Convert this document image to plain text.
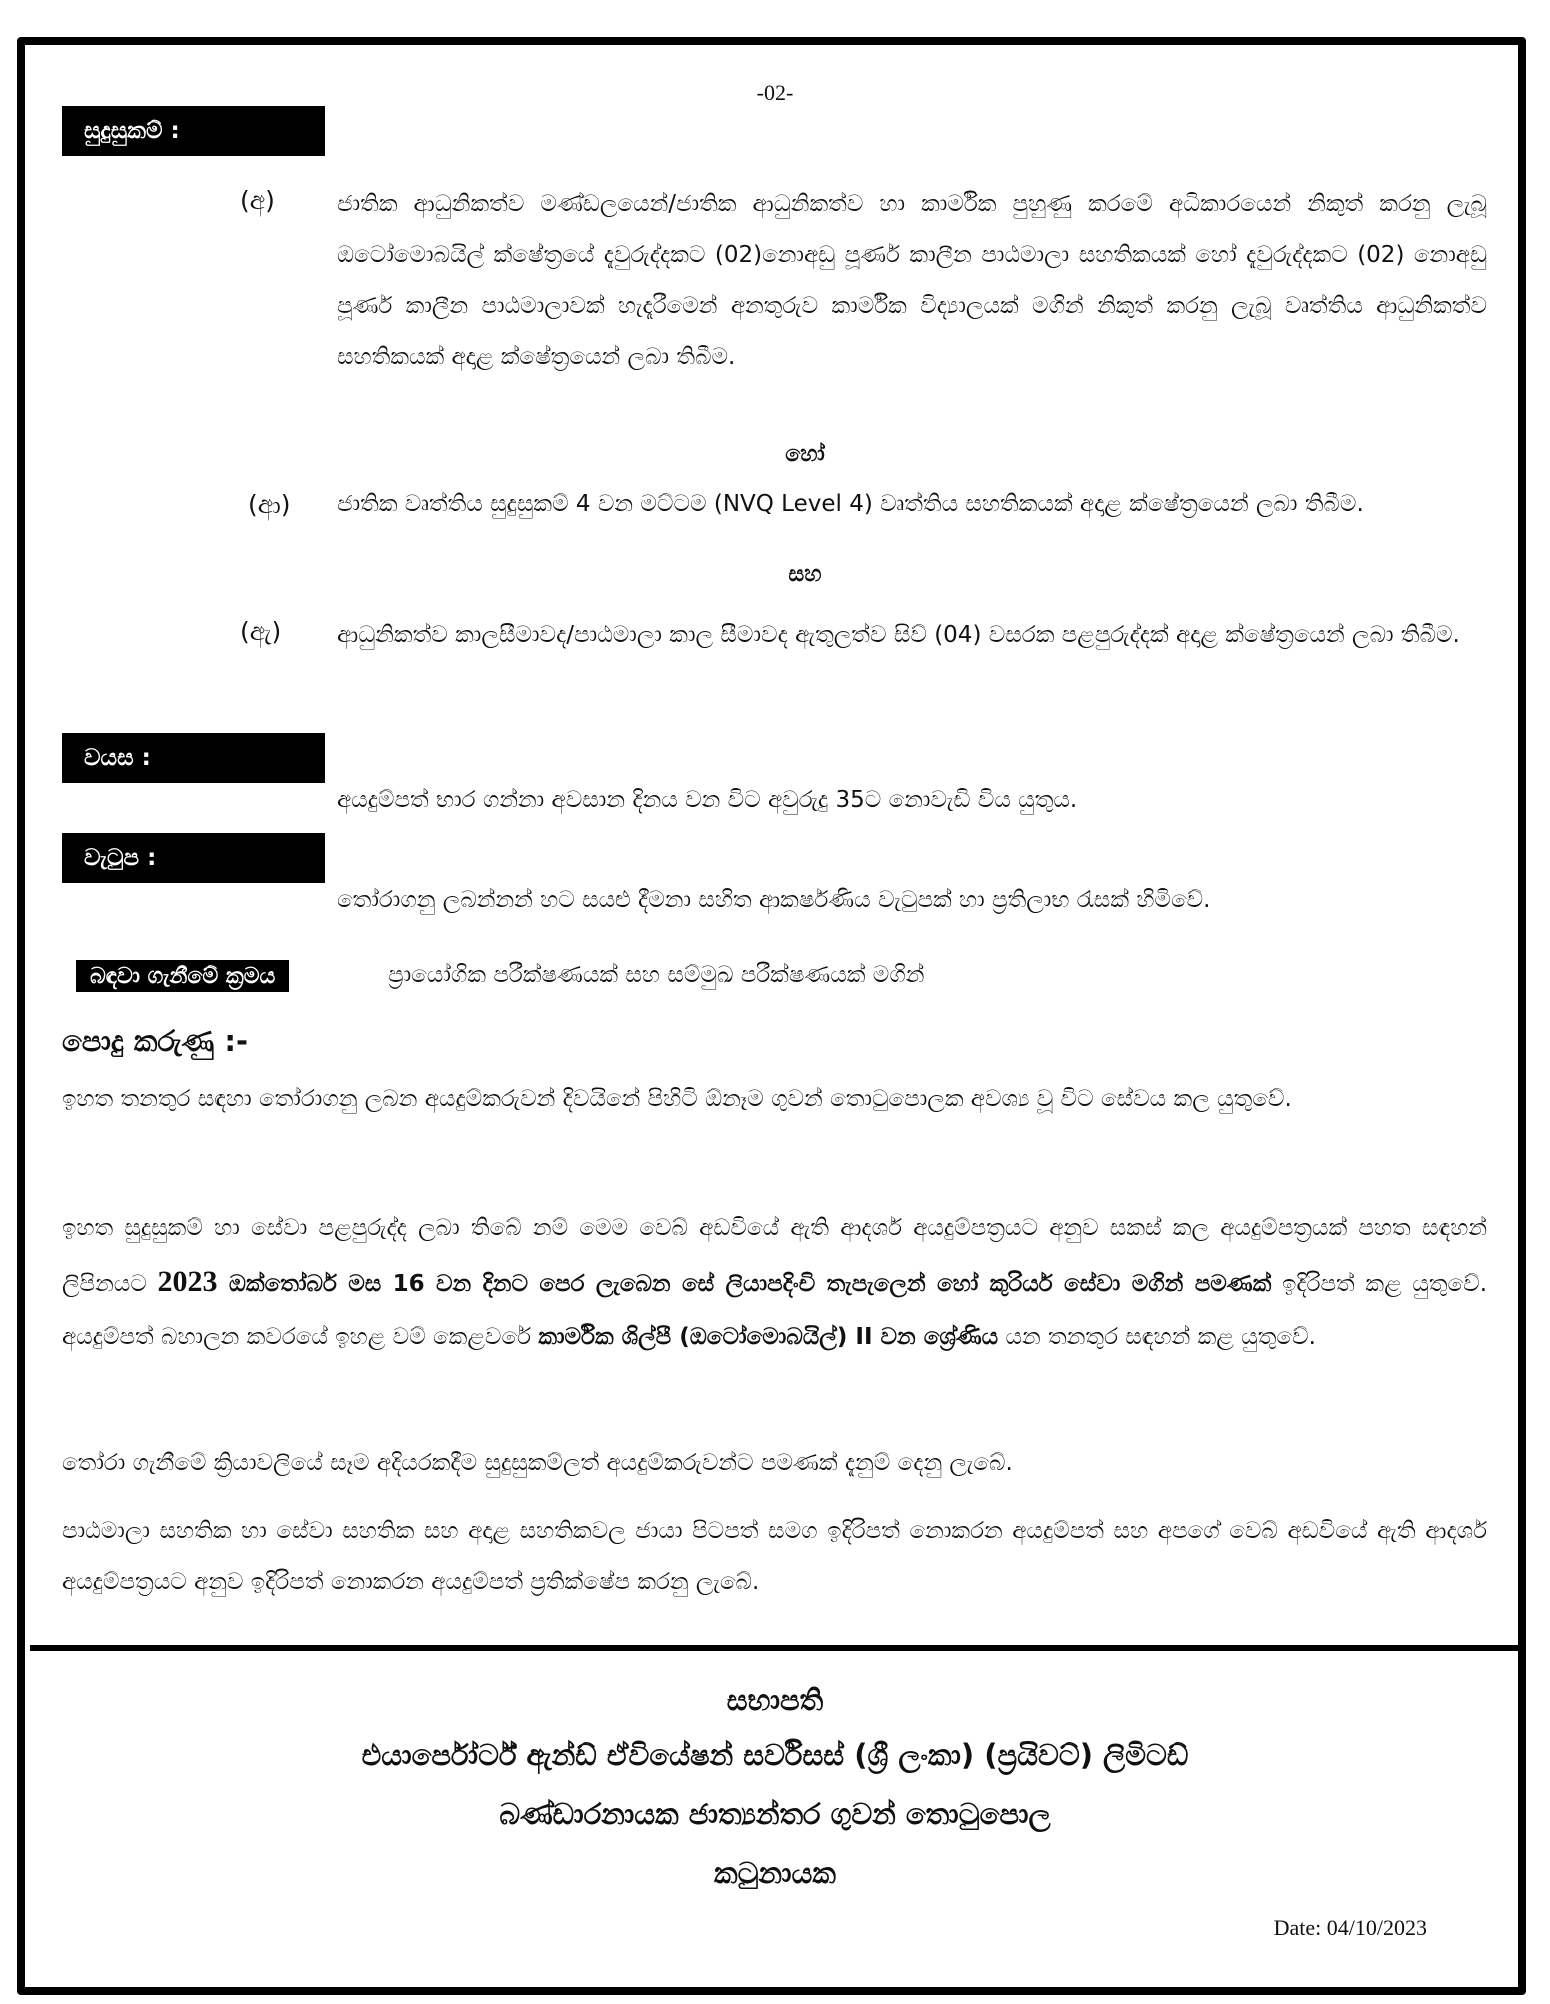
-02-
සුදුසුකම් :
(අ)	ජාතික ආධුනිකත්ව මණ්ඩලයෙන්/ජාතික ආධුනිකත්ව හා කාර්මික පුහුණු කරමේ අධිකාරයෙන් නිකුත් කරනු ලැබූ ඔටෝමොබයිල් ක්ෂේත්‍රයේ දැවුරුද්දකට (02)නොඅඩු පූර්ණ කාලීන පාඨමාලා සහතිකයක් හෝ දැවුරුද්දකට (02) නොඅඩු පූර්ණ කාලීන පාඨමාලාවක් හැදෑරීමෙන් අනතුරුව කාර්මික විද්‍යාලයක් මගින් නිකුත් කරනු ලැබූ වෘත්තිය ආධුනිකත්ව සහතිකයක් අදාළ ක්ෂේත්‍රයෙන් ලබා තිබීම.
හෝ
(ආ) ජාතික වෘත්තිය සුදුසුකම් 4 වන මට්ටම (NVQ Level 4) වෘත්තිය සහතිකයක් අදාළ ක්ෂේත්‍රයෙන් ලබා තිබීම.
සහ
(ඇ) ආධුනිකත්ව කාලසීමාවද/පාඨමාලා කාල සීමාවද ඇතුලත්ව සිව් (04) වසරක පළපුරුද්දක් අදාළ ක්ෂේත්‍රයෙන් ලබා තිබීම.
වයස :
අයදුම්පත් භාර ගන්නා අවසාන දිනය වන විට අවුරුදු 35ට නොවැඩි විය යුතුය.
වැටුප :
තෝරාගනු ලබන්නන් හට සයළු දීමනා සහිත ආකර්ෂණිය වැටුපක් හා ප්‍රතිලාභ රැසක් හිමිවේ.
බඳවා ගැනීමේ ක්‍රමය	ප්‍රායෝගික පරීක්ෂණයක් සහ සම්මුඛ පරීක්ෂණයක් මගින්
පොදු කරුණු :-
ඉහත තනතුර සඳහා තෝරාගනු ලබන අයදුම්කරුවන් දිවයිනේ පිහිටි ඕනෑම ගුවන් තොටුපොලක අවශ්‍ය වූ විට සේවය කල යුතුවේ.
ඉහත සුදුසුකම් හා සේවා පළපුරුද්ද ලබා තිබේ නම් මෙම වෙබ් අඩවියේ ඇති ආදර්ශ අයදුම්පත්‍රයට අනුව සකස් කල අයදුම්පත්‍රයක් පහත සඳහන් ලිපිනයට 2023 ඔක්තෝබර් මස 16 වන දිනට පෙර ලැබෙන සේ ලියාපදිංචි තැපැලෙන් හෝ කුරියර් සේවා මගින් පමණක් ඉදිරිපත් කළ යුතුවේ. අයදුම්පත් බහාලන කවරයේ ඉහළ වම් කෙළවරේ කාර්මික ශිල්පී (ඔටෝමොබයිල්) II වන ශ්‍රේණිය යන තනතුර සඳහන් කළ යුතුවේ.
තෝරා ගැනීමේ ක්‍රියාවලියේ සෑම අදියරකදීම සුදුසුකම්ලත් අයදුම්කරුවන්ට පමණක් දැනුම් දෙනු ලැබේ.
පාඨමාලා සහතික හා සේවා සහතික සහ අදාළ සහතිකවල ජායා පිටපත් සමග ඉදිරිපත් නොකරන අයදුම්පත් සහ අපගේ වෙබ් අඩවියේ ඇති ආදර්ශ අයදුම්පත්‍රයට අනුව ඉදිරිපත් නොකරන අයදුම්පත් ප්‍රතික්ෂේප කරනු ලැබේ.
සභාපති
එයාර්පෝර්ට් ඇන්ඩ් ඒවියේෂන් සර්විසස් (ශ්‍රී ලංකා) (ප්‍රයිවට්) ලිමිටඩ්
බණ්ඩාරනායක ජාත්‍යන්තර ගුවන් තොටුපොල
කටුනායක
Date: 04/10/2023
